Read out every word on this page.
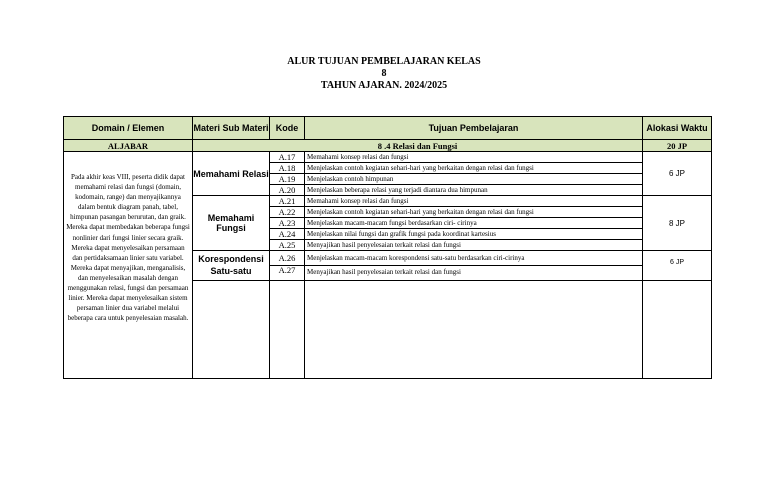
ALUR TUJUAN PEMBELAJARAN KELAS
8
TAHUN AJARAN. 2024/2025
Domain / Elemen	Materi Sub Materi	Kode	Tujuan Pembelajaran	Alokasi Waktu
ALJABAR	8 .4 Relasi dan Fungsi			20 JP

Pada akhir keas VIII, peserta didik dapat memahami relasi dan fungsi (domain, kodomain, range) dan menyajikannya dalam bentuk diagram panah, tabel, himpunan pasangan berurutan, dan graik. Mereka dapat membedakan beberapa fungsi nonlinier dari fungsi linier secara graik. Mereka dapat menyelesaikan persamaan dan pertidaksamaan linier satu variabel.

Mereka dapat menyajikan, menganalisis, dan menyelesaikan masalah dengan menggunakan relasi, fungsi dan persamaan linier. Mereka dapat menyelesaikan sistem persaman linier dua variabel melalui beberapa cara untuk penyelesaian masalah.	Memahami Relasi	A.17	Memahami konsep relasi dan fungsi	6 JP
		A.18	Menjelaskan contoh kegiatan sehari-hari yang berkaitan dengan relasi dan fungsi	
		A.19	Menjelaskan contoh himpunan	
		A.20	Menjelaskan beberapa relasi yang terjadi diantara dua himpunan	
	Memahami Fungsi	A.21	Memahami konsep relasi dan fungsi	8 JP
		A.22	Menjelaskan contoh kegiatan sehari-hari yang berkaitan dengan relasi dan fungsi	
		A.23	Menjelaskan macam-macam fungsi berdasarkan ciri- cirinya	
		A.24	Menjelaskan nilai fungsi dan grafik fungsi pada koordinat kartesius	
		A.25	Menyajikan hasil penyelesaian terkait relasi dan fungsi	
	Korespondensi Satu-satu	A.26	Menjelaskan macam-macam korespondensi satu-satu berdasarkan ciri-cirinya	6 JP
		A.27	Menyajikan hasil penyelesaian terkait relasi dan fungsi	
